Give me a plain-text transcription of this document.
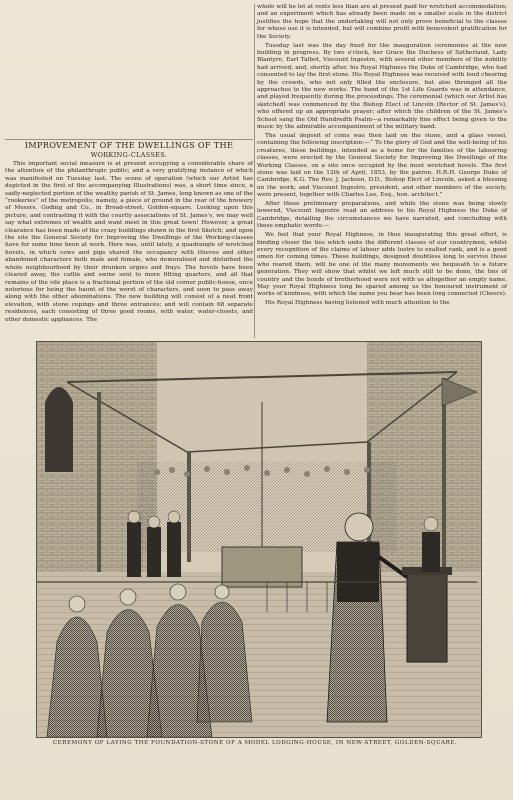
whole will be let at rents less than are at present paid for wretched accommodation; and an experiment which has already been made on a smaller scale in the district justifies the hope that the undertaking will not only prove beneficial to the classes for whose use it is intended, but will combine profit with benevolent gratification for the Society.

Tuesday last was the day fixed for the inauguration ceremonies at the new building in progress. By two o'clock, her Grace the Duchess of Sutherland, Lady Blantyre, Earl Talbot, Viscount Ingestre, with several other members of the nobility had arrived; and, shortly after, his Royal Highness the Duke of Cambridge, who had consented to lay the first stone. His Royal Highness was received with loud cheering by the crowds, who not only filled the enclosure, but also thronged all the approaches to the new works. The band of the 1st Life Guards was in attendance, and played frequently during the proceedings. The ceremonial (which our Artist has sketched) was commenced by the Bishop Elect of Lincoln (Rector of St. James's), who offered up an appropriate prayer; after which the children of the St. James's School sang the Old Hundredth Psalm—a remarkably fine effect being given to the music by the admirable accompaniment of the military band.

The usual deposit of coins was then laid on the stone, and a glass vessel, containing the following inscription:—“ To the glory of God and the well-being of his creatures, these buildings, intended as a home for the families of the labouring classes, were erected by the General Society for Improving the Dwellings of the Working Classes, on a site once occupied by the most wretched hovels. The first stone was laid on the 12th of April, 1853, by the patron, H.R.H. George Duke of Cambridge, K.G. The Rev. J. Jackson, D.D., Bishop Elect of Lincoln, asked a blessing on the work; and Viscount Ingestre, president, and other members of the society, were present, together with Charles Lee, Esq., hon. architect.”

After these preliminary preparations, and while the stone was being slowly lowered, Viscount Ingestre read an address to his Royal Highness the Duke of Cambridge, detailing the circumstances we have narrated, and concluding with these emphatic words:—

We feel that your Royal Highness, in thus inaugurating this great effort, is binding closer the ties which unite the different classes of our countrymen, whilst every recognition of the claims of labour adds lustre to exalted rank, and is a good omen for coming times. These buildings, designed doubtless long to survive those who reared them, will be one of the many monuments we bequeath to a future generation. They will show that whilst we left much still to be done, the ties of country and the bonds of brotherhood were not with us altogether an empty name. May your Royal Highness long be spared among us the honoured instrument of works of kindness, with which the name you bear has been long connected (Cheers).

His Royal Highness having listened with much attention to the

IMPROVEMENT OF THE DWELLINGS OF THE
WORKING-CLASSES.

This important social measure is at present occupying a considerable share of the attention of the philanthropic public; and a very gratifying instance of which was manifested on Tuesday last. The scene of operation (which our Artist has depicted in the first of the accompanying Illustrations) was, a short time since, a sadly-neglected portion of the wealthy parish of St. James, long known as one of the “rookeries” of the metropolis; namely, a piece of ground in the rear of the brewery of Messrs. Goding and Co., in Broad-street, Golden-square. Looking upon this picture, and contrasting it with the courtly associations of St. James's, we may well say what extremes of wealth and want meet in this great town! However, a great clearance has been made of the crazy buildings shown in the first Sketch; and upon the site the General Society for Improving the Dwellings of the Working-classes have for some time been at work. Here was, until lately, a quadrangle of wretched hovels, in which cows and pigs shared the occupancy with thieves and other abandoned characters both male and female, who demoralised and disturbed the whole neighbourhood by their drunken orgies and frays. The hovels have been cleared away, the cattle and swine sent to more fitting quarters, and all that remains of the vile place is a fractional portion of the old corner public-house, once notorious for being the haunt of the worst of characters, and soon to pass away along with the other abominations. The new building will consist of a neat front elevation, with stone copings and three entrances; and will contain 68 separate residences, each consisting of three good rooms, with water, water-closets, and other domestic appliances. The

CEREMONY OF LAYING THE FOUNDATION-STONE OF A MODEL LODGING-HOUSE, IN NEW-STREET, GOLDEN-SQUARE.
